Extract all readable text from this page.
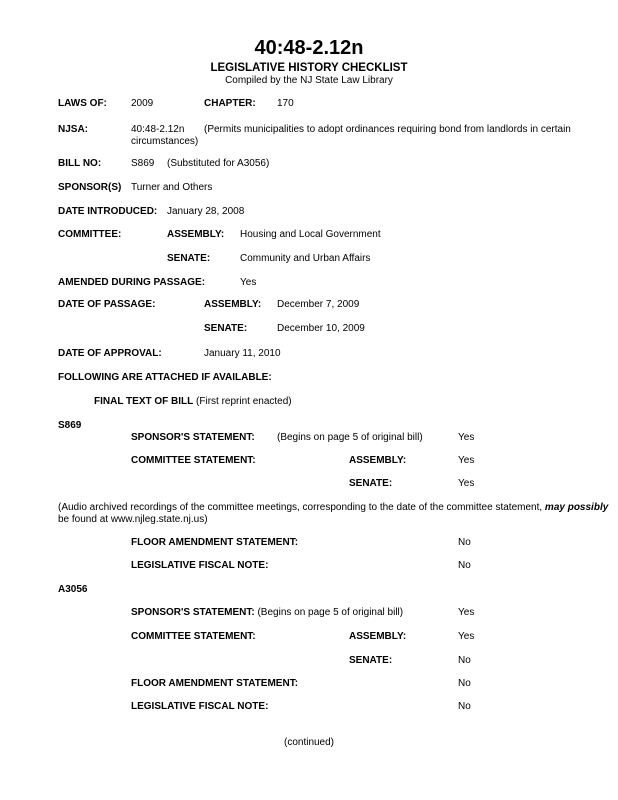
40:48-2.12n
LEGISLATIVE HISTORY CHECKLIST
Compiled by the NJ State Law Library
LAWS OF: 2009	CHAPTER: 170
NJSA:	40:48-2.12n (Permits municipalities to adopt ordinances requiring bond from landlords in certain
circumstances)
BILL NO:	S869 (Substituted for A3056)
SPONSOR(S) Turner and Others
DATE INTRODUCED: January 28, 2008
COMMITTEE:	ASSEMBLY: Housing and Local Government
SENATE:	Community and Urban Affairs
AMENDED DURING PASSAGE:	Yes
DATE OF PASSAGE:	ASSEMBLY: December 7, 2009
SENATE:	December 10, 2009
DATE OF APPROVAL:	January 11, 2010
FOLLOWING ARE ATTACHED IF AVAILABLE:
FINAL TEXT OF BILL (First reprint enacted)
S869
SPONSOR'S STATEMENT: (Begins on page 5 of original bill)	Yes
COMMITTEE STATEMENT:	ASSEMBLY:	Yes
SENATE:	Yes
(Audio archived recordings of the committee meetings, corresponding to the date of the committee statement, may possibly
be found at www.njleg.state.nj.us)
FLOOR AMENDMENT STATEMENT:	No
LEGISLATIVE FISCAL NOTE:	No
A3056
SPONSOR'S STATEMENT: (Begins on page 5 of original bill)	Yes
COMMITTEE STATEMENT:	ASSEMBLY:	Yes
SENATE:	No
FLOOR AMENDMENT STATEMENT:	No
LEGISLATIVE FISCAL NOTE:	No
(continued)
